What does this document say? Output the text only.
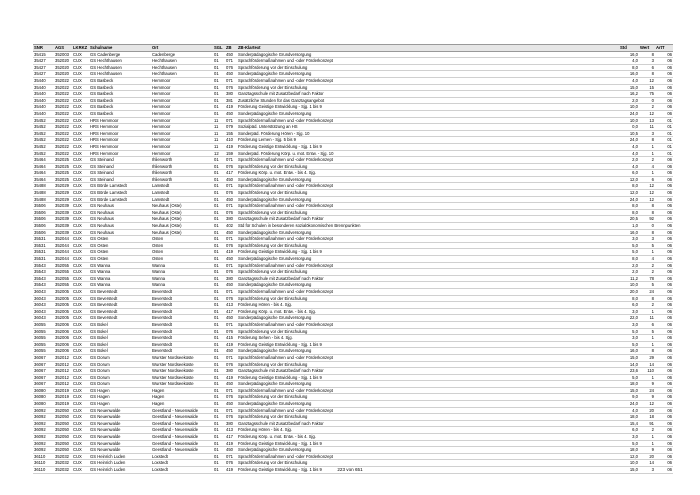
SNR	AGS	LKRKZ	Schulname	Ort	SGL	ZB	ZB-Klartext	Std	Wert	ArtT
35415	352003	CUX	GS Cadenberge	Cadenberge	01	450	Sonderpädagogische Grundversorgung	16,0	8	06
35427	352020	CUX	GS Hechthausen	Hechthausen	01	071	Sprachfördermaßnahmen und -oder Förderkonzept	4,0	3	06
35427	352020	CUX	GS Hechthausen	Hechthausen	01	076	Sprachförderung vor der Einschulung	8,0	6	06
35427	352020	CUX	GS Hechthausen	Hechthausen	01	450	Sonderpädagogische Grundversorgung	16,0	8	06
35440	352022	CUX	GS Basbeck	Hemmoor	01	071	Sprachfördermaßnahmen und -oder Förderkonzept	4,0	12	06
35440	352022	CUX	GS Basbeck	Hemmoor	01	076	Sprachförderung vor der Einschulung	15,0	15	06
35440	352022	CUX	GS Basbeck	Hemmoor	01	380	Ganztagsschule mit Zusatzbedarf nach Faktor	16,2	75	06
35440	352022	CUX	GS Basbeck	Hemmoor	01	381	Zusätzliche Stunden für das Ganztagsangebot	2,0	0	06
35440	352022	CUX	GS Basbeck	Hemmoor	01	419	Förderung Geistige Entwicklung - Sjg. 1 bis 9	10,0	2	06
35440	352022	CUX	GS Basbeck	Hemmoor	01	450	Sonderpädagogische Grundversorgung	24,0	12	06
35452	352022	CUX	HRS Hemmoor	Hemmoor	11	071	Sprachfördermaßnahmen und -oder Förderkonzept	10,0	13	01
35452	352022	CUX	HRS Hemmoor	Hemmoor	11	079	Sozialpäd. Unterstützung an HS	0,0	11	01
35452	352022	CUX	HRS Hemmoor	Hemmoor	11	155	Sonderpäd. Förderung Hören - Sjg. 10	10,5	3	01
35452	352022	CUX	HRS Hemmoor	Hemmoor	11	410	Förderung Lernen - Sjg. 5 bis 9	24,0	8	01
35452	352022	CUX	HRS Hemmoor	Hemmoor	11	419	Förderung Geistige Entwicklung - Sjg. 1 bis 9	4,0	1	01
35452	352022	CUX	HRS Hemmoor	Hemmoor	12	159	Sonderpäd. Förderung Körp. u. mot. Entw. - Sjg. 10	4,0	1	01
35464	352025	CUX	GS Steinand	Ihlienworth	01	071	Sprachfördermaßnahmen und -oder Förderkonzept	2,0	2	06
35464	352025	CUX	GS Steinand	Ihlienworth	01	076	Sprachförderung vor der Einschulung	4,0	4	06
35464	352025	CUX	GS Steinand	Ihlienworth	01	417	Förderung Körp. u. mot. Entw. - bis 4. Sjg.	6,0	1	06
35464	352025	CUX	GS Steinand	Ihlienworth	01	450	Sonderpädagogische Grundversorgung	12,0	6	06
35488	352029	CUX	GS Börde Lamstedt	Lamstedt	01	071	Sprachfördermaßnahmen und -oder Förderkonzept	8,0	12	06
35488	352029	CUX	GS Börde Lamstedt	Lamstedt	01	076	Sprachförderung vor der Einschulung	12,0	12	06
35488	352029	CUX	GS Börde Lamstedt	Lamstedt	01	450	Sonderpädagogische Grundversorgung	24,0	12	06
35506	352039	CUX	GS Neuhaus	Neuhaus (Oste)	01	071	Sprachfördermaßnahmen und -oder Förderkonzept	8,0	8	06
35506	352039	CUX	GS Neuhaus	Neuhaus (Oste)	01	076	Sprachförderung vor der Einschulung	8,0	8	06
35506	352039	CUX	GS Neuhaus	Neuhaus (Oste)	01	380	Ganztagsschule mit Zusatzbedarf nach Faktor	20,5	92	06
35506	352039	CUX	GS Neuhaus	Neuhaus (Oste)	01	402	Std für Schulen in besonderen sozialökonomischen Brennpunkten	1,0	0	06
35506	352039	CUX	GS Neuhaus	Neuhaus (Oste)	01	450	Sonderpädagogische Grundversorgung	16,0	8	06
35531	352044	CUX	GS Osten	Osten	01	071	Sprachfördermaßnahmen und -oder Förderkonzept	3,0	3	06
35531	352044	CUX	GS Osten	Osten	01	076	Sprachförderung vor der Einschulung	5,0	5	06
35531	352044	CUX	GS Osten	Osten	01	419	Förderung Geistige Entwicklung - Sjg. 1 bis 9	5,0	1	06
35531	352044	CUX	GS Osten	Osten	01	450	Sonderpädagogische Grundversorgung	8,0	4	06
35543	352055	CUX	GS Wanna	Wanna	01	071	Sprachfördermaßnahmen und -oder Förderkonzept	2,0	2	06
35543	352055	CUX	GS Wanna	Wanna	01	076	Sprachförderung vor der Einschulung	2,0	2	06
35543	352055	CUX	GS Wanna	Wanna	01	380	Ganztagsschule mit Zusatzbedarf nach Faktor	11,2	78	06
35543	352055	CUX	GS Wanna	Wanna	01	450	Sonderpädagogische Grundversorgung	10,0	5	06
36043	352005	CUX	GS Beverstedt	Beverstedt	01	071	Sprachfördermaßnahmen und -oder Förderkonzept	20,0	24	06
36043	352005	CUX	GS Beverstedt	Beverstedt	01	076	Sprachförderung vor der Einschulung	8,0	8	06
36043	352005	CUX	GS Beverstedt	Beverstedt	01	413	Förderung Hören - bis 4. Sjg.	6,0	2	06
36043	352005	CUX	GS Beverstedt	Beverstedt	01	417	Förderung Körp. u. mot. Entw. - bis 4. Sjg.	3,0	1	06
36043	352005	CUX	GS Beverstedt	Beverstedt	01	450	Sonderpädagogische Grundversorgung	22,0	11	06
36055	352006	CUX	GS Bokel	Beverstedt	01	071	Sprachfördermaßnahmen und -oder Förderkonzept	3,0	6	06
36055	352006	CUX	GS Bokel	Beverstedt	01	076	Sprachförderung vor der Einschulung	5,0	5	06
36055	352006	CUX	GS Bokel	Beverstedt	01	415	Förderung Sehen - bis 4. Sjg.	3,0	1	06
36055	352006	CUX	GS Bokel	Beverstedt	01	419	Förderung Geistige Entwicklung - Sjg. 1 bis 9	5,0	1	06
36055	352006	CUX	GS Bokel	Beverstedt	01	450	Sonderpädagogische Grundversorgung	16,0	8	06
36067	352012	CUX	GS Dorum	Wurster Nordseeküste	01	071	Sprachfördermaßnahmen und -oder Förderkonzept	15,0	29	06
36067	352012	CUX	GS Dorum	Wurster Nordseeküste	01	076	Sprachförderung vor der Einschulung	14,0	14	06
36067	352012	CUX	GS Dorum	Wurster Nordseeküste	01	380	Ganztagsschule mit Zusatzbedarf nach Faktor	23,6	110	06
36067	352012	CUX	GS Dorum	Wurster Nordseeküste	01	419	Förderung Geistige Entwicklung - Sjg. 1 bis 9	5,0	1	06
36067	352012	CUX	GS Dorum	Wurster Nordseeküste	01	450	Sonderpädagogische Grundversorgung	18,0	9	06
36080	352019	CUX	GS Hagen	Hagen	01	071	Sprachfördermaßnahmen und -oder Förderkonzept	15,0	24	06
36080	352019	CUX	GS Hagen	Hagen	01	076	Sprachförderung vor der Einschulung	9,0	9	06
36080	352019	CUX	GS Hagen	Hagen	01	450	Sonderpädagogische Grundversorgung	24,0	12	06
36092	352050	CUX	GS Neuenwalde	Geestland - Neuenwalde	01	071	Sprachfördermaßnahmen und -oder Förderkonzept	4,0	20	06
36092	352050	CUX	GS Neuenwalde	Geestland - Neuenwalde	01	076	Sprachförderung vor der Einschulung	18,0	18	06
36092	352050	CUX	GS Neuenwalde	Geestland - Neuenwalde	01	380	Ganztagsschule mit Zusatzbedarf nach Faktor	15,4	91	06
36092	352050	CUX	GS Neuenwalde	Geestland - Neuenwalde	01	413	Förderung Hören - bis 4. Sjg.	6,0	2	06
36092	352050	CUX	GS Neuenwalde	Geestland - Neuenwalde	01	417	Förderung Körp. u. mot. Entw. - bis 4. Sjg.	3,0	1	06
36092	352050	CUX	GS Neuenwalde	Geestland - Neuenwalde	01	419	Förderung Geistige Entwicklung - Sjg. 1 bis 9	5,0	1	06
36092	352050	CUX	GS Neuenwalde	Geestland - Neuenwalde	01	450	Sonderpädagogische Grundversorgung	18,0	9	06
36110	352032	CUX	GS Heinrich Luden	Loxstedt	01	071	Sprachfördermaßnahmen und -oder Förderkonzept	12,0	20	06
36110	352032	CUX	GS Heinrich Luden	Loxstedt	01	076	Sprachförderung vor der Einschulung	10,0	14	06
36110	352032	CUX	GS Heinrich Luden	Loxstedt	01	419	Förderung Geistige Entwicklung - Sjg. 1 bis 9	15,0	3	06
223 von 651
